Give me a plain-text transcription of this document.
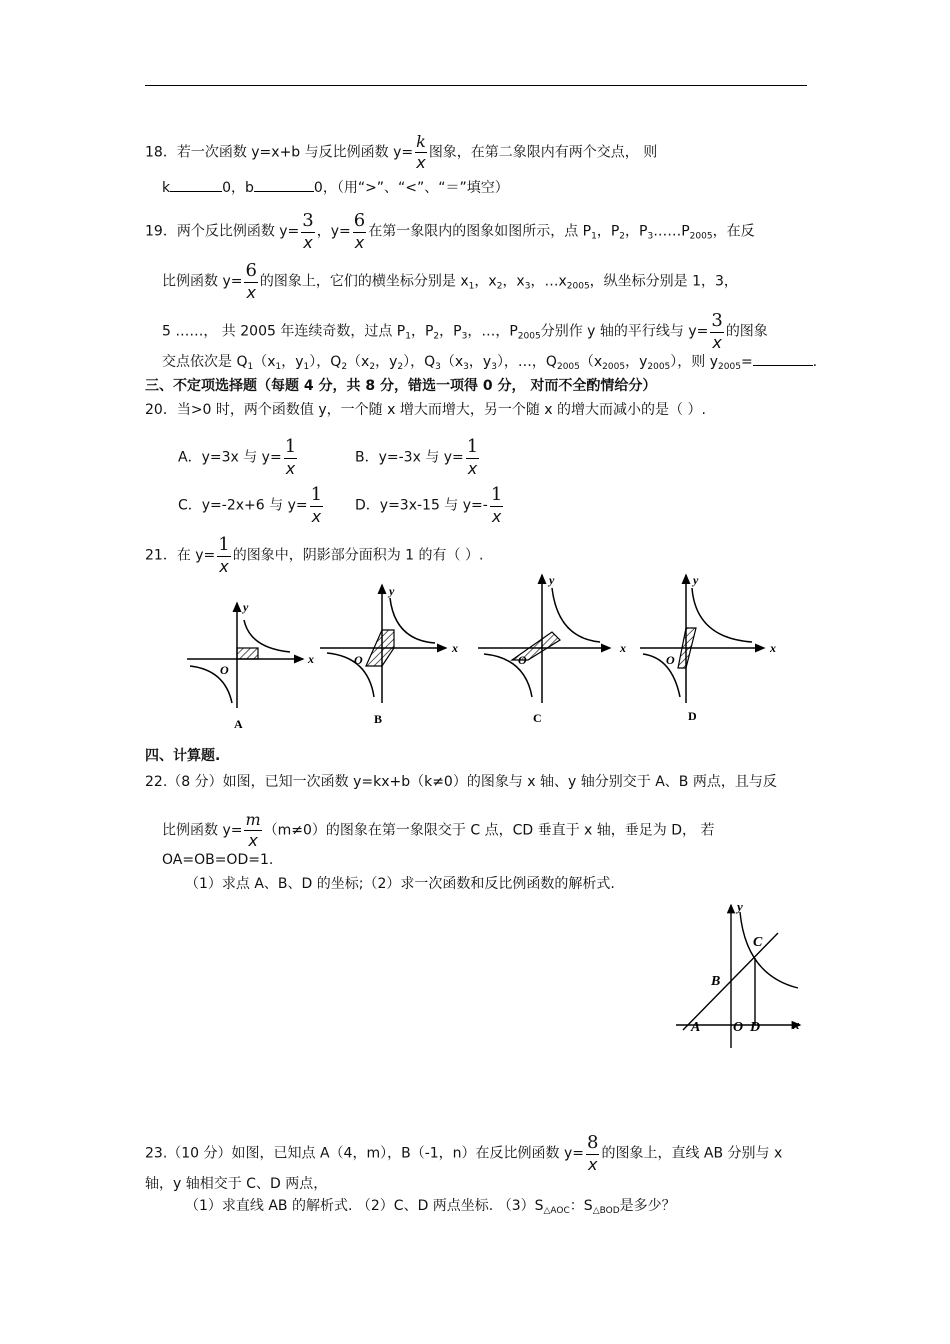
18．若一次函数 y=x+b 与反比例函数 $y= \frac{k}{x}$ 图象，在第二象限内有两个交点， 则
k	0，b	0，（用“>”、“<”、“＝”填空）
19．两个反比例函数 $y= \frac{3}{x}$ ，$y= \frac{6}{x}$ 在第一象限内的图象如图所示，点 $P_1$，$P_2$，$P_3\dots\dots P_{2005}$，在反
比例函数 $y= \frac{6}{x}$ 的图象上，它们的横坐标分别是 $x_1$，$x_2$，$x_3$，$\dots x_{2005}$，纵坐标分别是 1，3，
5 ……， 共 2005 年连续奇数，过点 $P_1$，$P_2$，$P_3$，…，$P_{2005}$分别作 y 轴的平行线与 $y= \frac{3}{x}$ 的图象
交点依次是 $Q_1(x_1$，$y_1$），$Q_2(x_2$，$y_2$），$Q_3(x_3$，$y_3$），…，$Q_{2005}(x_{2005}$，$y_{2005}$），则 $y_{2005}=$	.
三、不定项选择题（每题 4 分，共 8 分，错选一项得 0 分， 对而不全酌情给分）
20．当>0 时，两个函数值 y，一个随 x 增大而增大，另一个随 x 的增大而减小的是（ ）.
A．y=3x 与 $y= \frac{1}{x}$	B．y=-3x 与 $y= \frac{1}{x}$
C．y=-2x+6 与 $y= \frac{1}{x}$ D．y=3x-15 与 $y=- \frac{1}{x}$
21．在 $y= \frac{1}{x}$ 的图象中，阴影部分面积为 1 的有（ ）.
y
x
O
A
y
x
O
B
y
x
O
C
y
x
O
D
y
x
A O D
B
C
四、计算题.
22.（8 分）如图，已知一次函数 y=kx+b（k≠0）的图象与 x 轴、y 轴分别交于 A、B 两点，且与反
比例函数 $y= \frac{m}{x} (m\ne 0)$的图象在第一象限交于 C 点，CD 垂直于 x 轴，垂足为 D， 若
OA=OB=OD=1.
（1）求点 A、B、D 的坐标;（2）求一次函数和反比例函数的解析式.
23.（10 分）如图，已知点 A（4，m），B（-1，n）在反比例函数 $y= \frac{8}{x}$ 的图象上，直线 AB 分别与 x
轴，y 轴相交于 C、D 两点，
（1）求直线 AB 的解析式. （2）C、D 两点坐标. $(3)S_{\triangle AOC}$：$S_{\triangle BOD}$是多少？
